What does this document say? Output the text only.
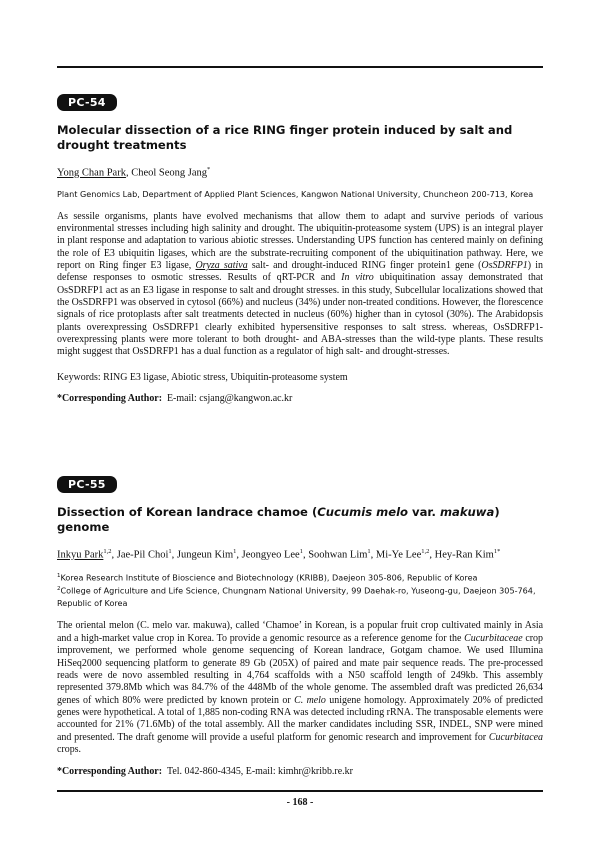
PC-54
Molecular dissection of a rice RING finger protein induced by salt and drought treatments
Yong Chan Park, Cheol Seong Jang*
Plant Genomics Lab, Department of Applied Plant Sciences, Kangwon National University, Chuncheon 200-713, Korea
As sessile organisms, plants have evolved mechanisms that allow them to adapt and survive periods of various environmental stresses including high salinity and drought. The ubiquitin-proteasome system (UPS) is an integral player in plant response and adaptation to various abiotic stresses. Understanding UPS function has centered mainly on defining the role of E3 ubiquitin ligases, which are the substrate-recruiting component of the ubiquitination pathway. Here, we report on Ring finger E3 ligase, Oryza sativa salt- and drought-induced RING finger protein1 gene (OsSDRFP1) in defense responses to osmotic stresses. Results of qRT-PCR and In vitro ubiquitination assay demonstrated that OsSDRFP1 act as an E3 ligase in response to salt and drought stresses. in this study, Subcellular localizations showed that the OsSDRFP1 was observed in cytosol (66%) and nucleus (34%) under non-treated conditions. However, the florescence signals of rice protoplasts after salt treatments detected in nucleus (60%) higher than in cytosol (30%). The Arabidopsis plants overexpressing OsSDRFP1 clearly exhibited hypersensitive responses to salt stress. whereas, OsSDRFP1-overexpressing plants were more tolerant to both drought- and ABA-stresses than the wild-type plants. These results might suggest that OsSDRFP1 has a dual function as a regulator of high salt- and drought-stresses.
Keywords: RING E3 ligase, Abiotic stress, Ubiquitin-proteasome system
*Corresponding Author: E-mail: csjang@kangwon.ac.kr
PC-55
Dissection of Korean landrace chamoe (Cucumis melo var. makuwa) genome
Inkyu Park$^{1,2}$, Jae-Pil Choi$^1$, Jungeun Kim$^1$, Jeongyeo Lee$^1$, Soohwan Lim$^1$, Mi-Ye Lee$^{1,2}$, Hey-Ran Kim$^{1*}$
$^1$Korea Research Institute of Bioscience and Biotechnology (KRIBB), Daejeon 305-806, Republic of Korea
$^2$College of Agriculture and Life Science, Chungnam National University, 99 Daehak-ro, Yuseong-gu, Daejeon 305-764, Republic of Korea
The oriental melon (C. melo var. makuwa), called ‘Chamoe’ in Korean, is a popular fruit crop cultivated mainly in Asia and a high-market value crop in Korea. To provide a genomic resource as a reference genome for the Cucurbitaceae crop improvement, we performed whole genome sequencing of Korean landrace, Gotgam chamoe. We used Illumina HiSeq2000 sequencing platform to generate 89 Gb (205X) of paired and mate pair sequence reads. The pre-processed reads were de novo assembled resulting in 4,764 scaffolds with a N50 scaffold length of 249kb. This assembly represented 379.8Mb which was 84.7% of the 448Mb of the whole genome. The assembled draft was predicted 26,634 genes of which 80% were predicted by known protein or C. melo unigene homology. Approximately 20% of predicted genes were hypothetical. A total of 1,885 non-coding RNA was detected including rRNA. The transposable elements were accounted for 21% (71.6Mb) of the total assembly. All the marker candidates including SSR, INDEL, SNP were mined and presented. The draft genome will provide a useful platform for genomic research and improvement for Cucurbitacea crops.
*Corresponding Author: Tel. 042-860-4345, E-mail: kimhr@kribb.re.kr
- 168 -
